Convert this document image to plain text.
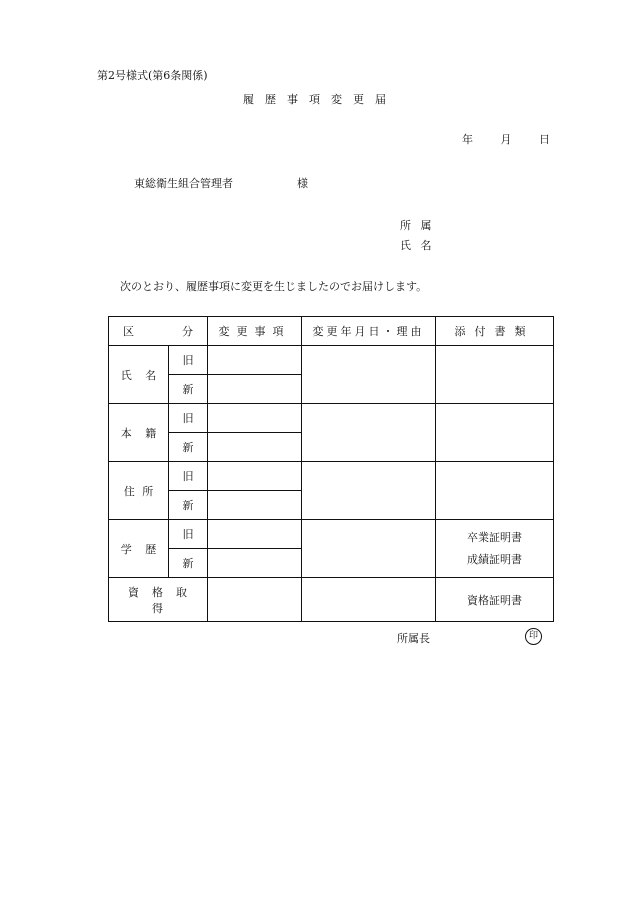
第2号様式(第6条関係)
履歴事項変更届
年 月 日
東総衛生組合管理者	様
所 属
氏 名
次のとおり、履歴事項に変更を生じましたのでお届けします。
区 分		変更事項	変更年月日・理由	添付書類
氏 名	旧			
	新			
本 籍	旧			
	新			
住 所	旧			
	新			
学 歴	旧			卒業証明書
成績証明書

	新			
資格取得				資格証明書
所属長	印
